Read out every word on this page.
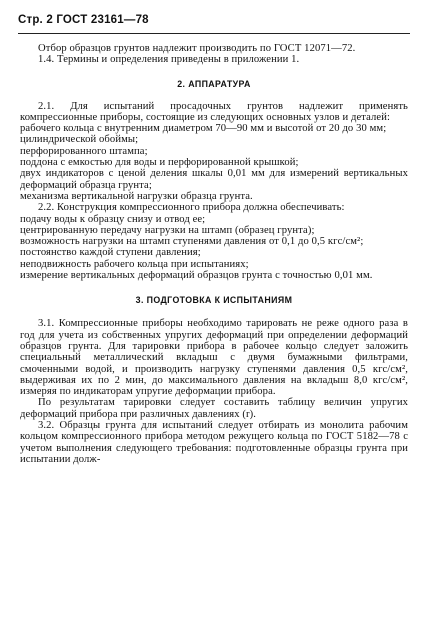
Стр. 2 ГОСТ 23161—78

Отбор образцов грунтов надлежит производить по ГОСТ 12071—72.

1.4. Термины и определения приведены в приложении 1.

2. АППАРАТУРА

2.1. Для испытаний просадочных грунтов надлежит применять компрессионные приборы, состоящие из следующих основных узлов и деталей:

рабочего кольца с внутренним диаметром 70—90 мм и высотой от 20 до 30 мм;

цилиндрической обоймы;

перфорированного штампа;

поддона с емкостью для воды и перфорированной крышкой;

двух индикаторов с ценой деления шкалы 0,01 мм для измерений вертикальных деформаций образца грунта;

механизма вертикальной нагрузки образца грунта.

2.2. Конструкция компрессионного прибора должна обеспечивать:

подачу воды к образцу снизу и отвод ее;

центрированную передачу нагрузки на штамп (образец грунта);

возможность нагрузки на штамп ступенями давления от 0,1 до 0,5 кгс/см²;

постоянство каждой ступени давления;

неподвижность рабочего кольца при испытаниях;

измерение вертикальных деформаций образцов грунта с точностью 0,01 мм.

3. ПОДГОТОВКА К ИСПЫТАНИЯМ

3.1. Компрессионные приборы необходимо тарировать не реже одного раза в год для учета из собственных упругих деформаций при определении деформаций образцов грунта. Для тарировки прибора в рабочее кольцо следует заложить специальный металлический вкладыш с двумя бумажными фильтрами, смоченными водой, и производить нагрузку ступенями давления 0,5 кгс/см², выдерживая их по 2 мин, до максимального давления на вкладыш 8,0 кгс/см², измеряя по индикаторам упругие деформации прибора.

По результатам тарировки следует составить таблицу величин упругих деформаций прибора при различных давлениях (r).

3.2. Образцы грунта для испытаний следует отбирать из монолита рабочим кольцом компрессионного прибора методом режущего кольца по ГОСТ 5182—78 с учетом выполнения следующего требования: подготовленные образцы грунта при испытании долж-
